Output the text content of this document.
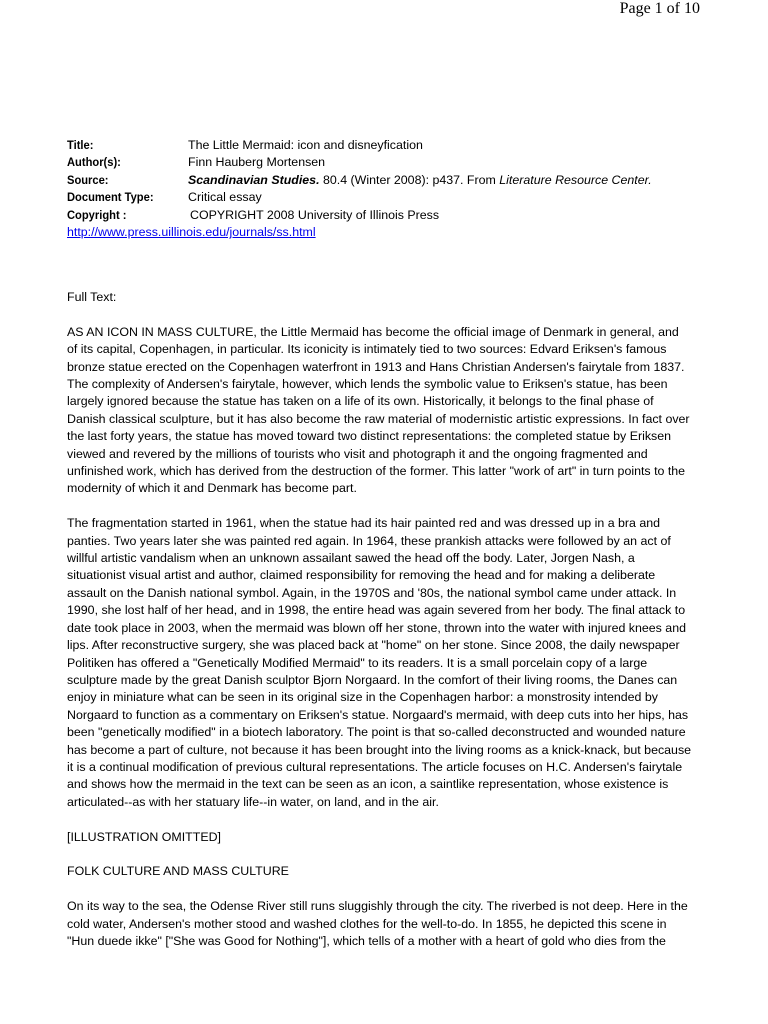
Page 1 of 10
Title:	The Little Mermaid: icon and disneyfication
Author(s):	Finn Hauberg Mortensen
Source:	Scandinavian Studies. 80.4 (Winter 2008): p437. From Literature Resource Center.
Document Type:	Critical essay
Copyright :	COPYRIGHT 2008 University of Illinois Press
http://www.press.uillinois.edu/journals/ss.html

Full Text:

AS AN ICON IN MASS CULTURE, the Little Mermaid has become the official image of Denmark in general, and
of its capital, Copenhagen, in particular. Its iconicity is intimately tied to two sources: Edvard Eriksen's famous
bronze statue erected on the Copenhagen waterfront in 1913 and Hans Christian Andersen's fairytale from 1837.
The complexity of Andersen's fairytale, however, which lends the symbolic value to Eriksen's statue, has been
largely ignored because the statue has taken on a life of its own. Historically, it belongs to the final phase of
Danish classical sculpture, but it has also become the raw material of modernistic artistic expressions. In fact over
the last forty years, the statue has moved toward two distinct representations: the completed statue by Eriksen
viewed and revered by the millions of tourists who visit and photograph it and the ongoing fragmented and
unfinished work, which has derived from the destruction of the former. This latter "work of art" in turn points to the
modernity of which it and Denmark has become part.

The fragmentation started in 1961, when the statue had its hair painted red and was dressed up in a bra and
panties. Two years later she was painted red again. In 1964, these prankish attacks were followed by an act of
willful artistic vandalism when an unknown assailant sawed the head off the body. Later, Jorgen Nash, a
situationist visual artist and author, claimed responsibility for removing the head and for making a deliberate
assault on the Danish national symbol. Again, in the 1970S and '80s, the national symbol came under attack. In
1990, she lost half of her head, and in 1998, the entire head was again severed from her body. The final attack to
date took place in 2003, when the mermaid was blown off her stone, thrown into the water with injured knees and
lips. After reconstructive surgery, she was placed back at "home" on her stone. Since 2008, the daily newspaper
Politiken has offered a "Genetically Modified Mermaid" to its readers. It is a small porcelain copy of a large
sculpture made by the great Danish sculptor Bjorn Norgaard. In the comfort of their living rooms, the Danes can
enjoy in miniature what can be seen in its original size in the Copenhagen harbor: a monstrosity intended by
Norgaard to function as a commentary on Eriksen's statue. Norgaard's mermaid, with deep cuts into her hips, has
been "genetically modified" in a biotech laboratory. The point is that so-called deconstructed and wounded nature
has become a part of culture, not because it has been brought into the living rooms as a knick-knack, but because
it is a continual modification of previous cultural representations. The article focuses on H.C. Andersen's fairytale
and shows how the mermaid in the text can be seen as an icon, a saintlike representation, whose existence is
articulated--as with her statuary life--in water, on land, and in the air.

[ILLUSTRATION OMITTED]

FOLK CULTURE AND MASS CULTURE

On its way to the sea, the Odense River still runs sluggishly through the city. The riverbed is not deep. Here in the
cold water, Andersen's mother stood and washed clothes for the well-to-do. In 1855, he depicted this scene in
"Hun duede ikke" ["She was Good for Nothing"], which tells of a mother with a heart of gold who dies from the
